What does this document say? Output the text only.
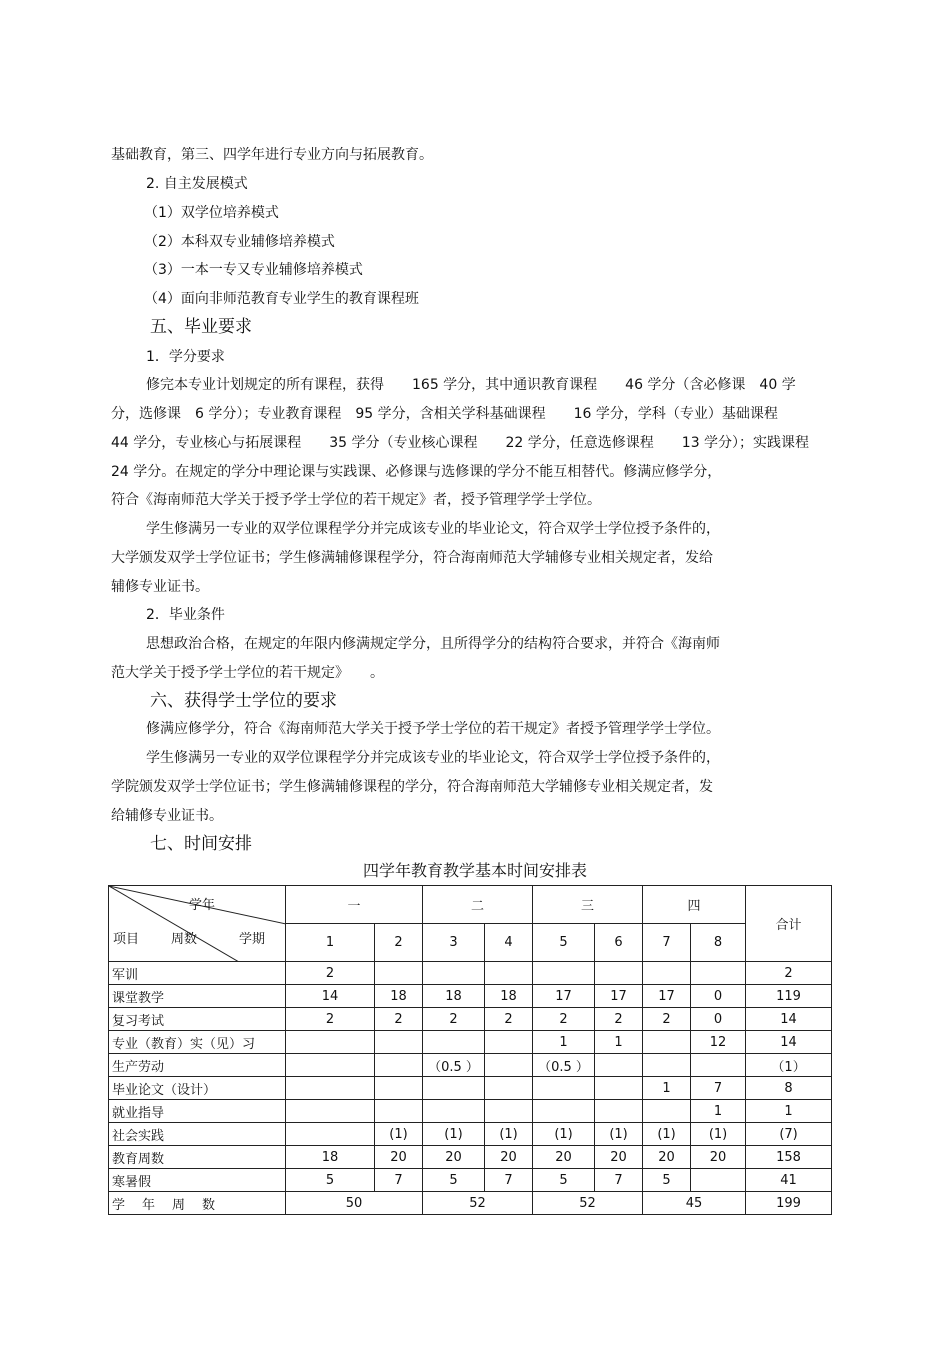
基础教育，第三、四学年进行专业方向与拓展教育。
2. 自主发展模式
（1）双学位培养模式
（2）本科双专业辅修培养模式
（3）一本一专又专业辅修培养模式
（4）面向非师范教育专业学生的教育课程班
五、毕业要求
1．学分要求
修完本专业计划规定的所有课程，获得　　165 学分，其中通识教育课程　　46 学分（含必修课　40 学
分，选修课　6 学分）；专业教育课程　95 学分，含相关学科基础课程　　16 学分，学科（专业）基础课程
44 学分，专业核心与拓展课程　　35 学分（专业核心课程　　22 学分，任意选修课程　　13 学分）；实践课程
24 学分。在规定的学分中理论课与实践课、必修课与选修课的学分不能互相替代。修满应修学分，
符合《海南师范大学关于授予学士学位的若干规定》者，授予管理学学士学位。
学生修满另一专业的双学位课程学分并完成该专业的毕业论文，符合双学士学位授予条件的，
大学颁发双学士学位证书；学生修满辅修课程学分，符合海南师范大学辅修专业相关规定者，发给
辅修专业证书。
2．毕业条件
思想政治合格，在规定的年限内修满规定学分，且所得学分的结构符合要求，并符合《海南师
范大学关于授予学士学位的若干规定》　　。
六、获得学士学位的要求
修满应修学分，符合《海南师范大学关于授予学士学位的若干规定》者授予管理学学士学位。
学生修满另一专业的双学位课程学分并完成该专业的毕业论文，符合双学士学位授予条件的，
学院颁发双学士学位证书；学生修满辅修课程的学分，符合海南师范大学辅修专业相关规定者，发
给辅修专业证书。
七、时间安排
四学年教育教学基本时间安排表
学年
项目 周数 学期	一		二		三		四		合计
	1	2	3	4	5	6	7	8	
军训	2								2
课堂教学	14	18	18	18	17	17	17	0	119
复习考试	2	2	2	2	2	2	2	0	14
专业（教育）实（见）习					1	1		12	14
生产劳动			（0.5 ）		（0.5 ）				（1）
毕业论文（设计）							1	7	8
就业指导								1	1
社会实践		(1)	(1)	(1)	(1)	(1)	(1)	(1)	(7)
教育周数	18	20	20	20	20	20	20	20	158
寒暑假	5	7	5	7	5	7	5		41
学　年　周　数	50		52		52		45		199
